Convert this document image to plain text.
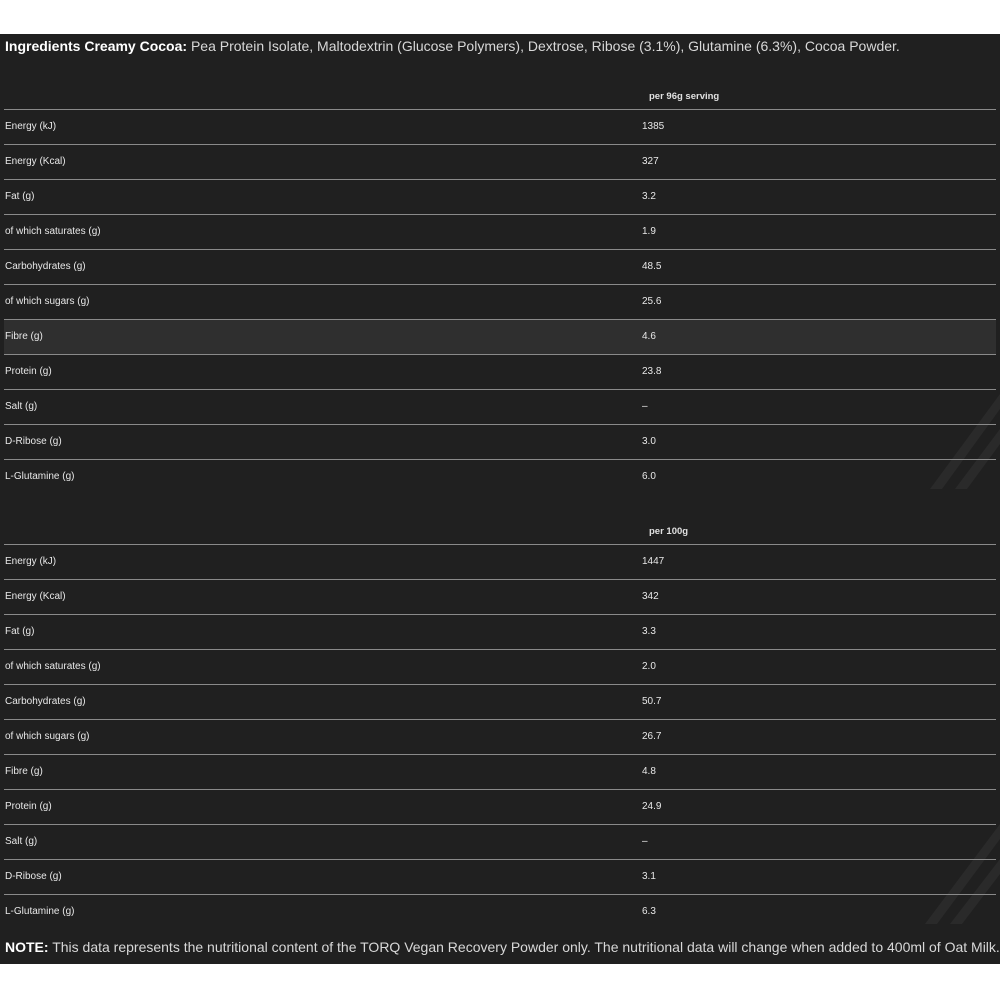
Ingredients Creamy Cocoa: Pea Protein Isolate, Maltodextrin (Glucose Polymers), Dextrose, Ribose (3.1%), Glutamine (6.3%), Cocoa Powder.
per 96g serving
Energy (kJ)	1385
Energy (Kcal)	327
Fat (g)	3.2
of which saturates (g)	1.9
Carbohydrates (g)	48.5
of which sugars (g)	25.6
Fibre (g)	4.6
Protein (g)	23.8
Salt (g)	–
D-Ribose (g)	3.0
L-Glutamine (g)	6.0
per 100g
Energy (kJ)	1447
Energy (Kcal)	342
Fat (g)	3.3
of which saturates (g)	2.0
Carbohydrates (g)	50.7
of which sugars (g)	26.7
Fibre (g)	4.8
Protein (g)	24.9
Salt (g)	–
D-Ribose (g)	3.1
L-Glutamine (g)	6.3
NOTE: This data represents the nutritional content of the TORQ Vegan Recovery Powder only. The nutritional data will change when added to 400ml of Oat Milk.
